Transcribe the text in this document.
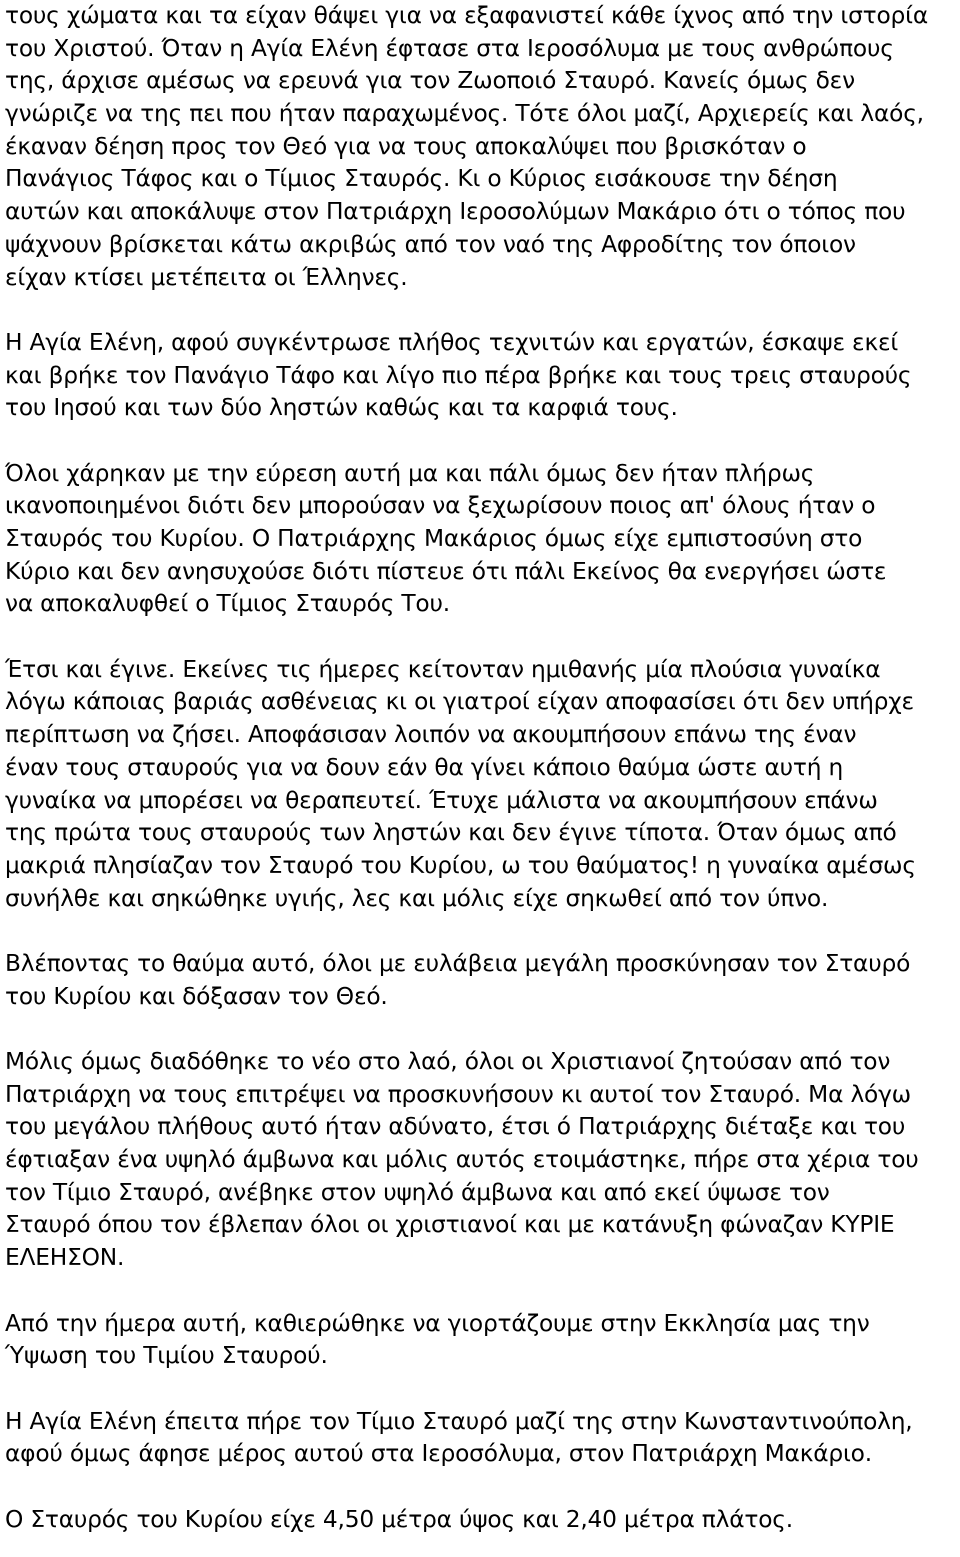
τους χώματα και τα είχαν θάψει για να εξαφανιστεί κάθε ίχνος από την ιστορία
του Χριστού. Όταν η Αγία Ελένη έφτασε στα Ιεροσόλυμα με τους ανθρώπους
της, άρχισε αμέσως να ερευνά για τον Ζωοποιό Σταυρό. Κανείς όμως δεν
γνώριζε να της πει που ήταν παραχωμένος. Τότε όλοι μαζί, Αρχιερείς και λαός,
έκαναν δέηση προς τον Θεό για να τους αποκαλύψει που βρισκόταν ο
Πανάγιος Τάφος και ο Τίμιος Σταυρός. Κι ο Κύριος εισάκουσε την δέηση
αυτών και αποκάλυψε στον Πατριάρχη Ιεροσολύμων Μακάριο ότι ο τόπος που
ψάχνουν βρίσκεται κάτω ακριβώς από τον ναό της Αφροδίτης τον όποιον
είχαν κτίσει μετέπειτα οι Έλληνες.
Η Αγία Ελένη, αφού συγκέντρωσε πλήθος τεχνιτών και εργατών, έσκαψε εκεί
και βρήκε τον Πανάγιο Τάφο και λίγο πιο πέρα βρήκε και τους τρεις σταυρούς
του Ιησού και των δύο ληστών καθώς και τα καρφιά τους.
Όλοι χάρηκαν με την εύρεση αυτή μα και πάλι όμως δεν ήταν πλήρως
ικανοποιημένοι διότι δεν μπορούσαν να ξεχωρίσουν ποιος απ' όλους ήταν ο
Σταυρός του Κυρίου. Ο Πατριάρχης Μακάριος όμως είχε εμπιστοσύνη στο
Κύριο και δεν ανησυχούσε διότι πίστευε ότι πάλι Εκείνος θα ενεργήσει ώστε
να αποκαλυφθεί ο Τίμιος Σταυρός Του.
Έτσι και έγινε. Εκείνες τις ήμερες κείτονταν ημιθανής μία πλούσια γυναίκα
λόγω κάποιας βαριάς ασθένειας κι οι γιατροί είχαν αποφασίσει ότι δεν υπήρχε
περίπτωση να ζήσει. Αποφάσισαν λοιπόν να ακουμπήσουν επάνω της έναν
έναν τους σταυρούς για να δουν εάν θα γίνει κάποιο θαύμα ώστε αυτή η
γυναίκα να μπορέσει να θεραπευτεί. Έτυχε μάλιστα να ακουμπήσουν επάνω
της πρώτα τους σταυρούς των ληστών και δεν έγινε τίποτα. Όταν όμως από
μακριά πλησίαζαν τον Σταυρό του Κυρίου, ω του θαύματος! η γυναίκα αμέσως
συνήλθε και σηκώθηκε υγιής, λες και μόλις είχε σηκωθεί από τον ύπνο.
Βλέποντας το θαύμα αυτό, όλοι με ευλάβεια μεγάλη προσκύνησαν τον Σταυρό
του Κυρίου και δόξασαν τον Θεό.
Μόλις όμως διαδόθηκε το νέο στο λαό, όλοι οι Χριστιανοί ζητούσαν από τον
Πατριάρχη να τους επιτρέψει να προσκυνήσουν κι αυτοί τον Σταυρό. Μα λόγω
του μεγάλου πλήθους αυτό ήταν αδύνατο, έτσι ό Πατριάρχης διέταξε και του
έφτιαξαν ένα υψηλό άμβωνα και μόλις αυτός ετοιμάστηκε, πήρε στα χέρια του
τον Τίμιο Σταυρό, ανέβηκε στον υψηλό άμβωνα και από εκεί ύψωσε τον
Σταυρό όπου τον έβλεπαν όλοι οι χριστιανοί και με κατάνυξη φώναζαν ΚΥΡΙΕ
ΕΛΕΗΣΟΝ.
Από την ήμερα αυτή, καθιερώθηκε να γιορτάζουμε στην Εκκλησία μας την
Ύψωση του Τιμίου Σταυρού.
Η Αγία Ελένη έπειτα πήρε τον Τίμιο Σταυρό μαζί της στην Κωνσταντινούπολη,
αφού όμως άφησε μέρος αυτού στα Ιεροσόλυμα, στον Πατριάρχη Μακάριο.
Ο Σταυρός του Κυρίου είχε 4,50 μέτρα ύψος και 2,40 μέτρα πλάτος.
